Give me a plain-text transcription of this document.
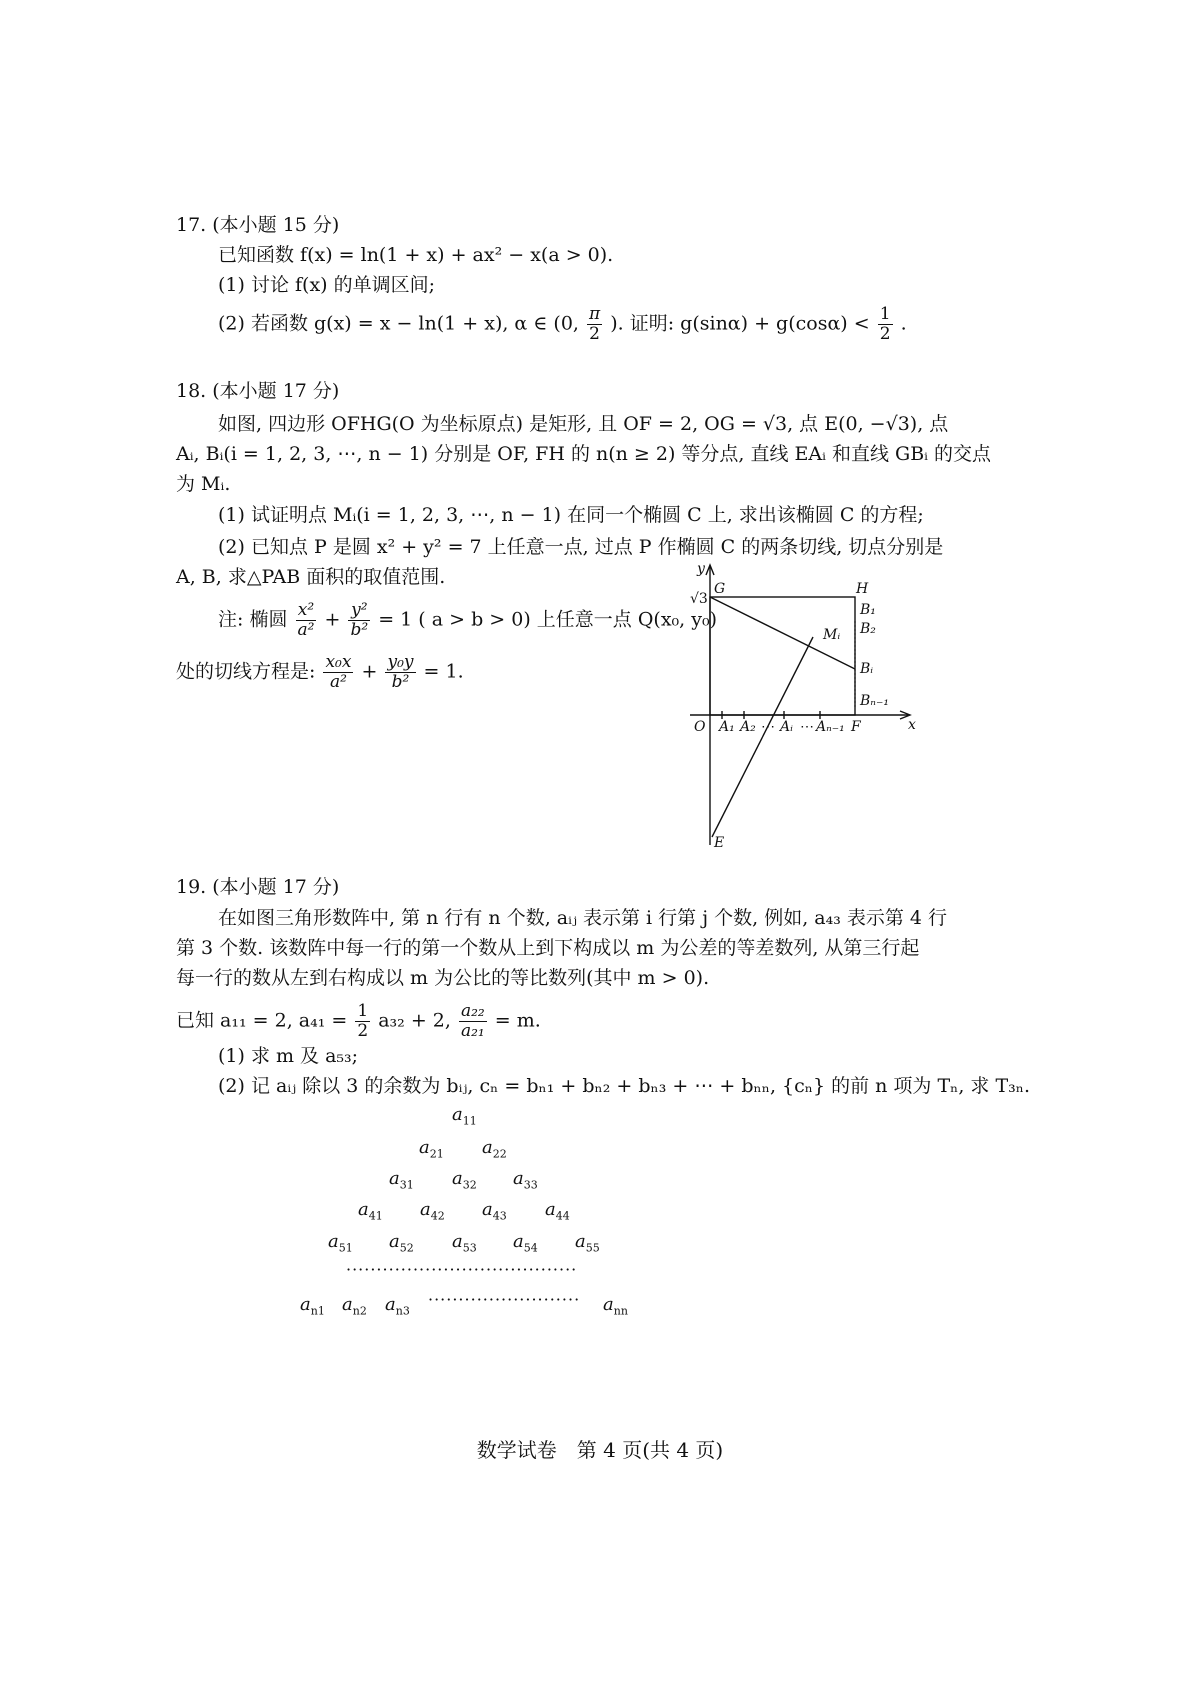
17. (本小题 15 分)
已知函数 f(x) = ln(1 + x) + ax² − x(a > 0).
(1) 讨论 f(x) 的单调区间;
(2) 若函数 g(x) = x − ln(1 + x), α ∈ (0, $\frac{\pi}{2}$ ). 证明: $g(\sin\alpha) + g(\cos\alpha) < \frac{1}{2}$ .
18. (本小题 17 分)
如图, 四边形 OFHG(O 为坐标原点) 是矩形, 且 OF = 2, OG = √3, 点 E(0, −√3), 点
Aᵢ, Bᵢ(i = 1, 2, 3, ⋯, n − 1) 分别是 OF, FH 的 n(n ≥ 2) 等分点, 直线 EAᵢ 和直线 GBᵢ 的交点
为 Mᵢ.
(1) 试证明点 Mᵢ(i = 1, 2, 3, ⋯, n − 1) 在同一个椭圆 C 上, 求出该椭圆 C 的方程;
(2) 已知点 P 是圆 x² + y² = 7 上任意一点, 过点 P 作椭圆 C 的两条切线, 切点分别是
A, B, 求△PAB 面积的取值范围.
注: 椭圆 $\frac{\text{x²}}{\text{a²}} + \frac{\text{y²}}{\text{b²}} = 1$ ( a > b > 0) 上任意一点 Q(x₀, y₀)
处的切线方程是: $\frac{\text{x₀x}}{\text{a²}} + \frac{\text{y₀y}}{\text{b²}} = 1$.
y
x
O
G	H
F
E
√3
Mᵢ
B₁
B₂
Bᵢ
Bₙ₋₁
A₁ A₂ ⋯ Aᵢ ⋯ Aₙ₋₁
19. (本小题 17 分)
在如图三角形数阵中, 第 n 行有 n 个数, aᵢⱼ 表示第 i 行第 j 个数, 例如, a₄₃ 表示第 4 行
第 3 个数. 该数阵中每一行的第一个数从上到下构成以 m 为公差的等差数列, 从第三行起
每一行的数从左到右构成以 m 为公比的等比数列(其中 m > 0).
已知 a₁₁ = 2, $a_{41} = \frac{1}{2} a_{32} + 2$, $\frac{\text{a₂₂}}{\text{a₂₁}} = m$.
(1) 求 m 及 a₅₃;
(2) 记 aᵢⱼ 除以 3 的余数为 bᵢⱼ, cₙ = bₙ₁ + bₙ₂ + bₙ₃ + ⋯ + bₙₙ, {cₙ} 的前 n 项为 Tₙ, 求 T₃ₙ.
$a_{11}$
$a_{21}$ $a_{22}$
$a_{31}$ $a_{32}$ $a_{33}$
$a_{41}$ $a_{42}$ $a_{43}$ $a_{44}$
$a_{51}$ $a_{52}$ $a_{53}$ $a_{54}$ $a_{55}$
······································
$a_{n1}$ $a_{n2}$ $a_{n3}$
························· $a_{nn}$
数学试卷　第 4 页(共 4 页)
